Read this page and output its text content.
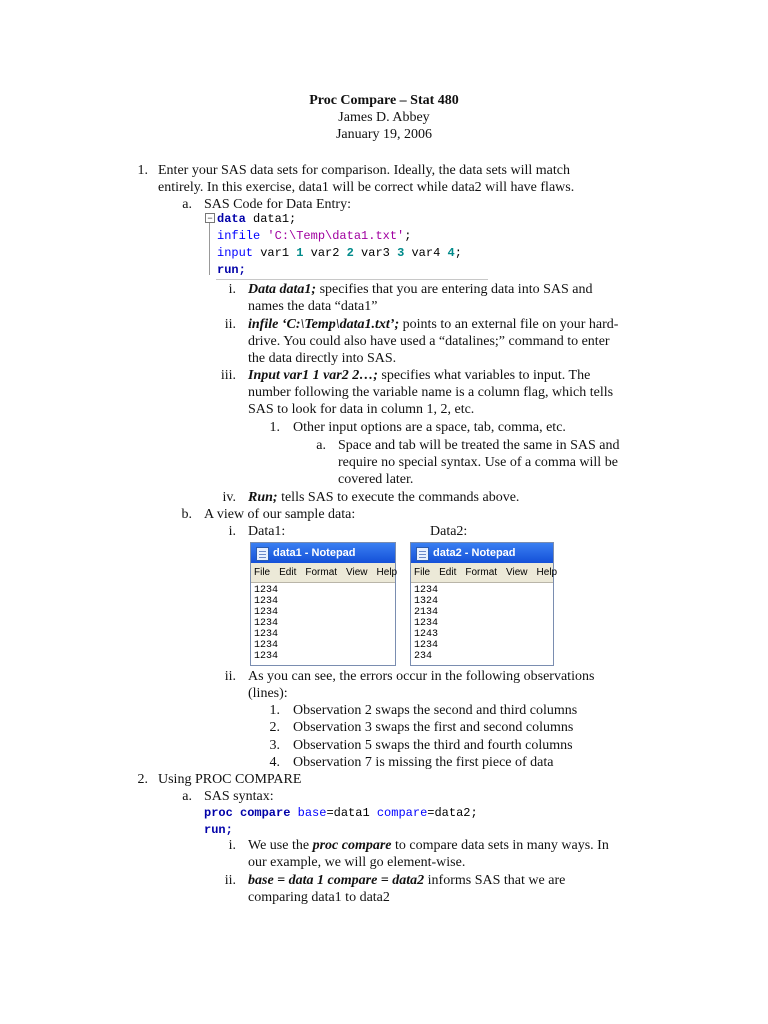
Proc Compare – Stat 480
James D. Abbey
January 19, 2006
1. Enter your SAS data sets for comparison. Ideally, the data sets will match
entirely. In this exercise, data1 will be correct while data2 will have flaws.
a. SAS Code for Data Entry:
− data data1;
infile 'C:\Temp\data1.txt';
input var1 1 var2 2 var3 3 var4 4;
run;
i. Data data1; specifies that you are entering data into SAS and
names the data “data1”
ii. infile ‘C:\Temp\data1.txt’; points to an external file on your hard-
drive. You could also have used a “datalines;” command to enter
the data directly into SAS.
iii. Input var1 1 var2 2…; specifies what variables to input. The
number following the variable name is a column flag, which tells
SAS to look for data in column 1, 2, etc.
1. Other input options are a space, tab, comma, etc.
a. Space and tab will be treated the same in SAS and
require no special syntax. Use of a comma will be
covered later.
iv. Run; tells SAS to execute the commands above.
b. A view of our sample data:
i. Data1:	Data2:
data1 - Notepad
File Edit Format View Help
1234
1234
1234
1234
1234
1234
1234
data2 - Notepad
File Edit Format View Help
1234
1324
2134
1234
1243
1234
234
ii. As you can see, the errors occur in the following observations
(lines):
1. Observation 2 swaps the second and third columns
2. Observation 3 swaps the first and second columns
3. Observation 5 swaps the third and fourth columns
4. Observation 7 is missing the first piece of data
2. Using PROC COMPARE
a. SAS syntax:
proc compare base=data1 compare=data2;
run;
i. We use the proc compare to compare data sets in many ways. In
our example, we will go element-wise.
ii. base = data 1 compare = data2 informs SAS that we are
comparing data1 to data2
